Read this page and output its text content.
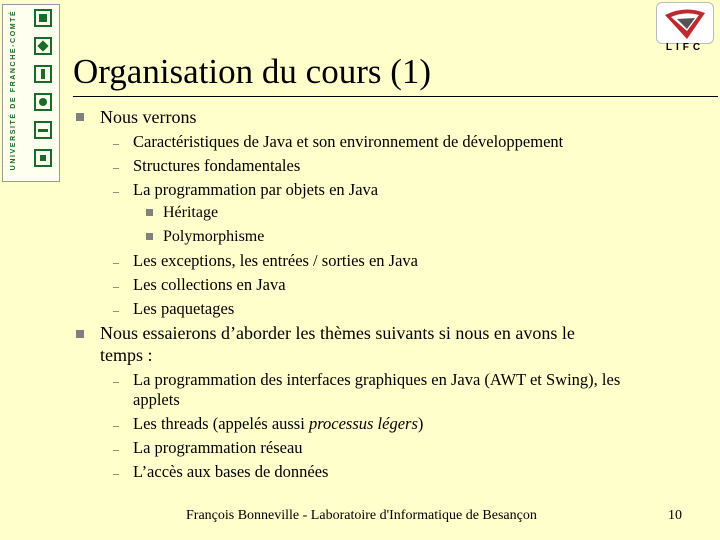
UNIVERSITÉ DE FRANCHE-COMTÉ	LIFC
Organisation du cours (1)
Nous verrons
– Caractéristiques de Java et son environnement de développement
– Structures fondamentales
– La programmation par objets en Java
Héritage
Polymorphisme
– Les exceptions, les entrées / sorties en Java
– Les collections en Java
– Les paquetages
Nous essaierons d’aborder les thèmes suivants si nous en avons le
temps :
– La programmation des interfaces graphiques en Java (AWT et Swing), les
applets
– Les threads (appelés aussi processus légers)
– La programmation réseau
– L’accès aux bases de données
François Bonneville - Laboratoire d'Informatique de Besançon	10
